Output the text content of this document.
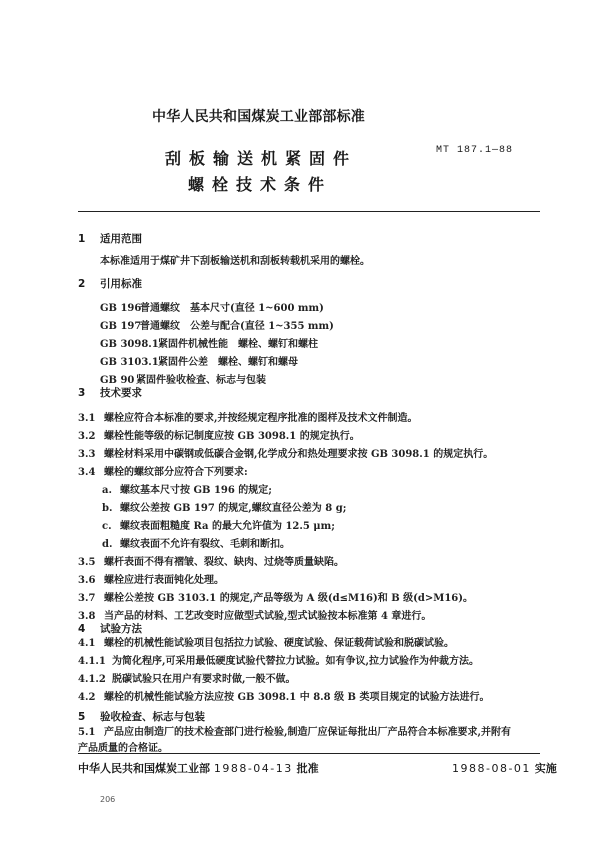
中华人民共和国煤炭工业部部标准
MT 187.1—88
刮板输送机紧固件
螺栓技术条件
1 适用范围
本标准适用于煤矿井下刮板输送机和刮板转载机采用的螺栓。
2 引用标准
GB 196普通螺纹　基本尺寸(直径 1~600 mm)
GB 197普通螺纹　公差与配合(直径 1~355 mm)
GB 3098.1紧固件机械性能　螺栓、螺钉和螺柱
GB 3103.1紧固件公差　螺栓、螺钉和螺母
GB 90 紧固件验收检查、标志与包装
3 技术要求
3.1 螺栓应符合本标准的要求,并按经规定程序批准的图样及技术文件制造。
3.2 螺栓性能等级的标记制度应按 GB 3098.1 的规定执行。
3.3 螺栓材料采用中碳钢或低碳合金钢,化学成分和热处理要求按 GB 3098.1 的规定执行。
3.4 螺栓的螺纹部分应符合下列要求:
a. 螺纹基本尺寸按 GB 196 的规定;
b. 螺纹公差按 GB 197 的规定,螺纹直径公差为 8 g;
c. 螺纹表面粗糙度 Ra 的最大允许值为 12.5 μm;
d. 螺纹表面不允许有裂纹、毛刺和断扣。
3.5 螺杆表面不得有褶皱、裂纹、缺肉、过烧等质量缺陷。
3.6 螺栓应进行表面钝化处理。
3.7 螺栓公差按 GB 3103.1 的规定,产品等级为 A 级(d≤M16)和 B 级(d>M16)。
3.8 当产品的材料、工艺改变时应做型式试验,型式试验按本标准第 4 章进行。
4 试验方法
4.1 螺栓的机械性能试验项目包括拉力试验、硬度试验、保证载荷试验和脱碳试验。
4.1.1 为简化程序,可采用最低硬度试验代替拉力试验。如有争议,拉力试验作为仲裁方法。
4.1.2 脱碳试验只在用户有要求时做,一般不做。
4.2 螺栓的机械性能试验方法应按 GB 3098.1 中 8.8 级 B 类项目规定的试验方法进行。
5 验收检查、标志与包装
5.1 产品应由制造厂的技术检查部门进行检验,制造厂应保证每批出厂产品符合本标准要求,并附有
产品质量的合格证。
中华人民共和国煤炭工业部 1988-04-13 批准	1988-08-01 实施
206
